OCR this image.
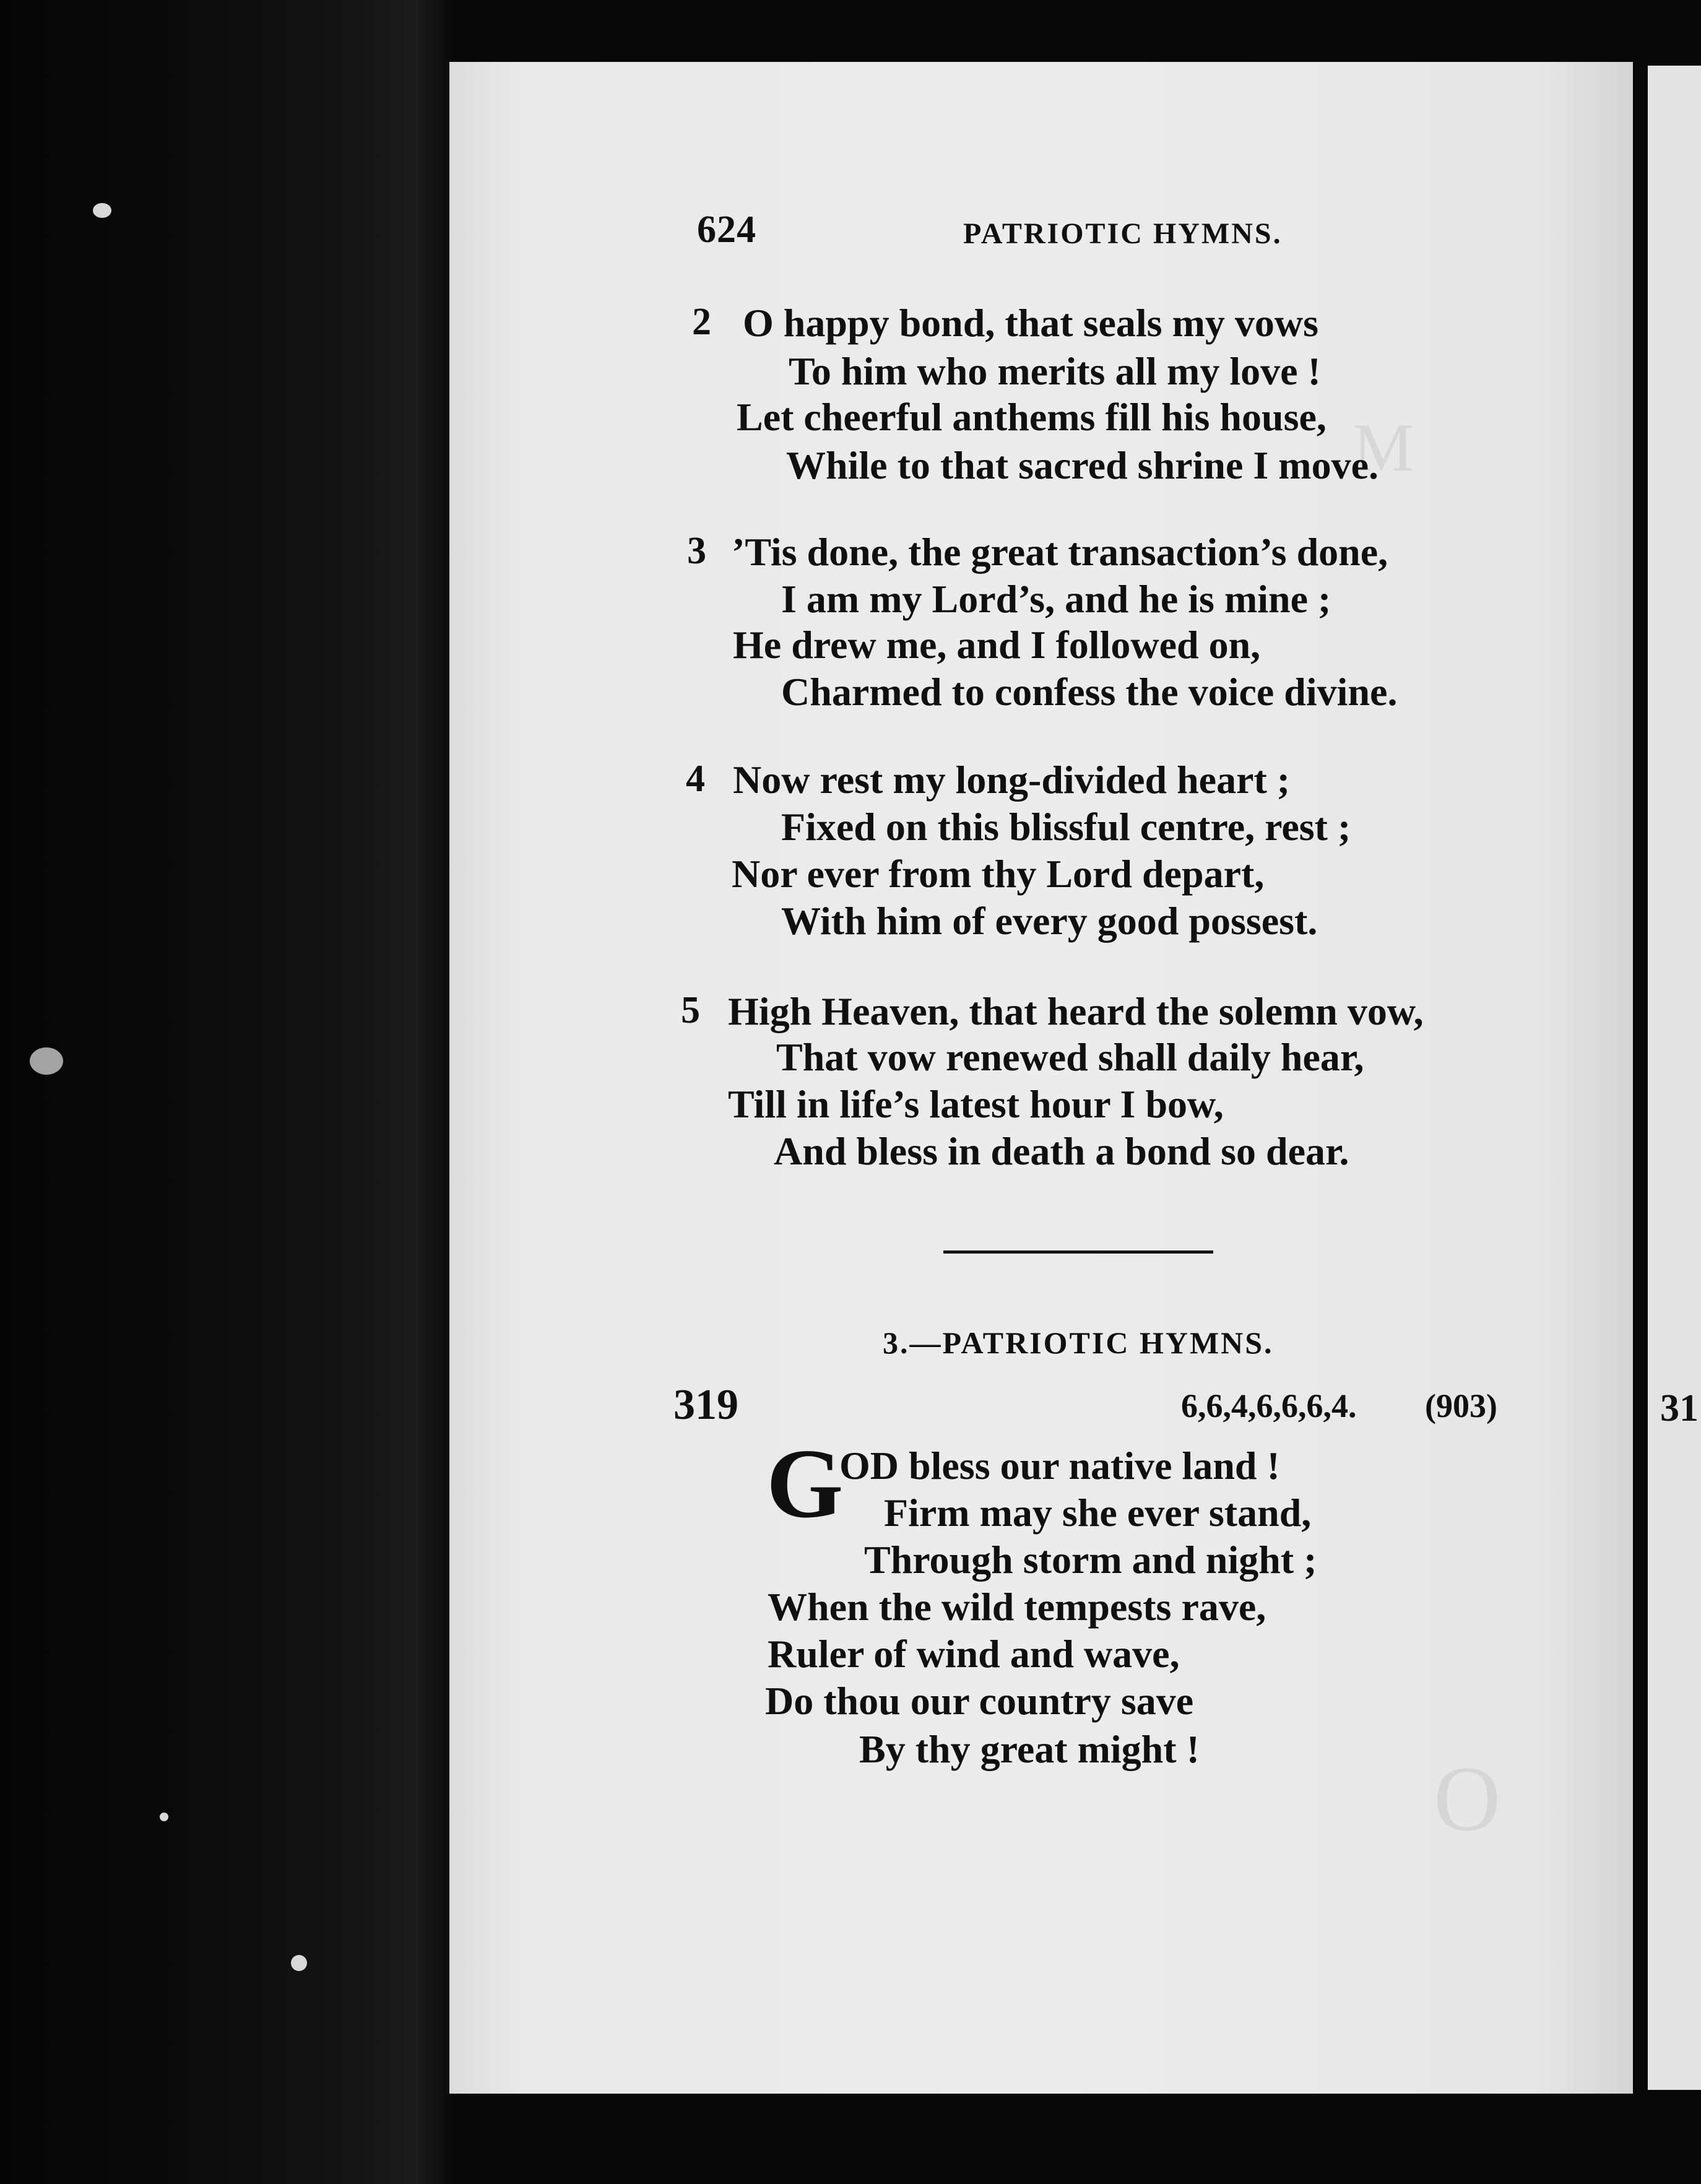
M
O
624	PATRIOTIC HYMNS.
2 O happy bond, that seals my vows
To him who merits all my love !
Let cheerful anthems fill his house,
While to that sacred shrine I move.
3 ’Tis done, the great transaction’s done,
I am my Lord’s, and he is mine ;
He drew me, and I followed on,
Charmed to confess the voice divine.
4 Now rest my long-divided heart ;
Fixed on this blissful centre, rest ;
Nor ever from thy Lord depart,
With him of every good possest.
5 High Heaven, that heard the solemn vow,
That vow renewed shall daily hear,
Till in life’s latest hour I bow,
And bless in death a bond so dear.
3.—PATRIOTIC HYMNS.
319	6,6,4,6,6,6,4. (903)
G
OD bless our native land !
Firm may she ever stand,
Through storm and night ;
When the wild tempests rave,
Ruler of wind and wave,
Do thou our country save
By thy great might !
31
